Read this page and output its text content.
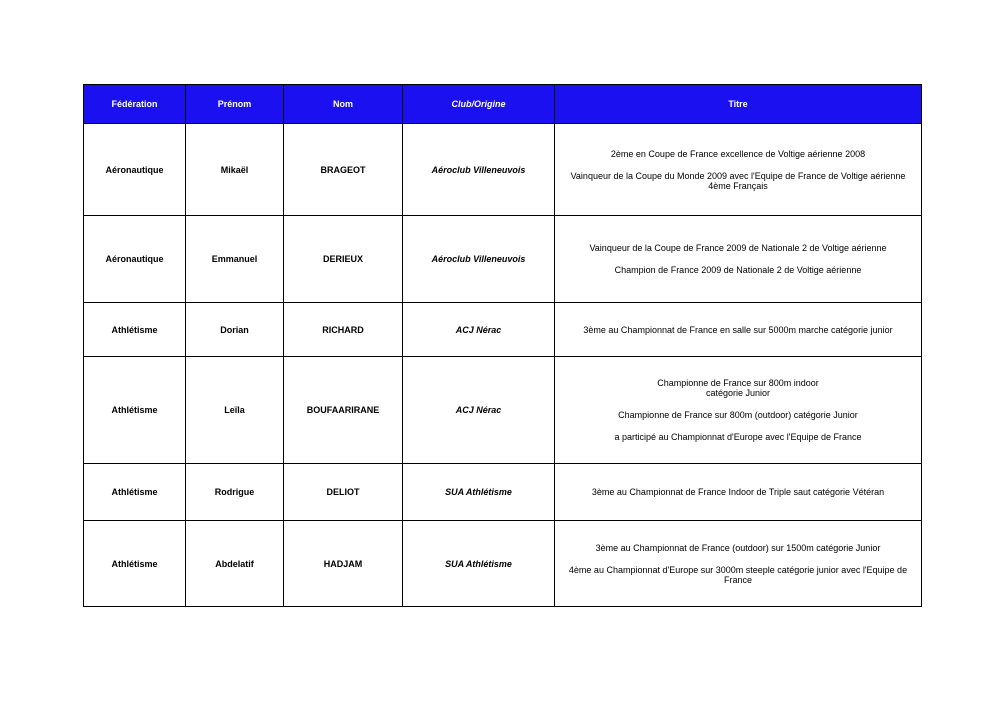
Fédération	Prénom	Nom	Club/Origine	Titre
Aéronautique	Mikaël	BRAGEOT	Aéroclub Villeneuvois	2ème en Coupe de France excellence de Voltige aérienne 2008

Vainqueur de la Coupe du Monde 2009 avec l'Equipe de France de Voltige aérienne
4ème Français

Aéronautique	Emmanuel	DERIEUX	Aéroclub Villeneuvois	Vainqueur de la Coupe de France 2009 de Nationale 2 de Voltige aérienne

Champion de France 2009 de Nationale 2 de Voltige aérienne

Athlétisme	Dorian	RICHARD	ACJ Nérac	3ème au Championnat de France en salle sur 5000m marche catégorie junior

Athlétisme	Leïla	BOUFAARIRANE	ACJ Nérac	Championne de France sur 800m indoor
catégorie Junior

Championne de France sur 800m (outdoor) catégorie Junior

a participé au Championnat d'Europe avec l'Equipe de France

Athlétisme	Rodrigue	DELIOT	SUA Athlétisme	3ème au Championnat de France Indoor de Triple saut catégorie Vétéran

Athlétisme	Abdelatif	HADJAM	SUA Athlétisme	3ème au Championnat de France (outdoor) sur 1500m catégorie Junior

4ème au Championnat d'Europe sur 3000m steeple catégorie junior avec l'Equipe de France
